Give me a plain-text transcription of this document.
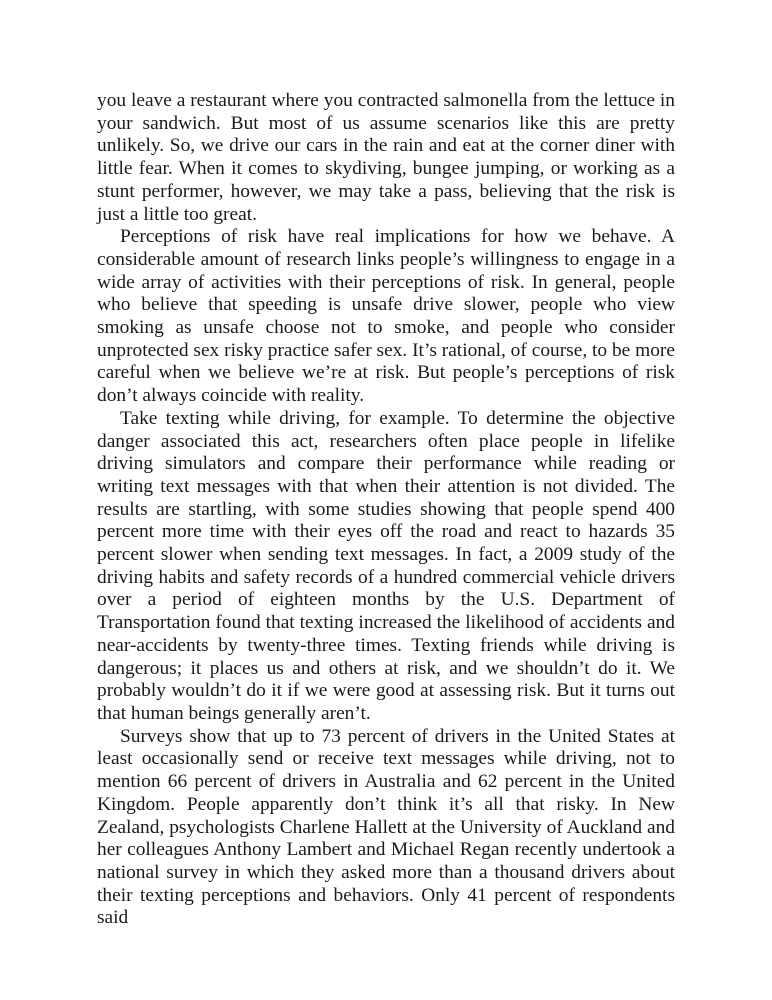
you leave a restaurant where you contracted salmonella from the lettuce in your sandwich. But most of us assume scenarios like this are pretty unlikely. So, we drive our cars in the rain and eat at the corner diner with little fear. When it comes to skydiving, bungee jumping, or working as a stunt performer, however, we may take a pass, believing that the risk is just a little too great.

Perceptions of risk have real implications for how we behave. A considerable amount of research links people’s willingness to engage in a wide array of activities with their perceptions of risk. In general, people who believe that speeding is unsafe drive slower, people who view smoking as unsafe choose not to smoke, and people who consider unprotected sex risky practice safer sex. It’s rational, of course, to be more careful when we believe we’re at risk. But people’s perceptions of risk don’t always coincide with reality.

Take texting while driving, for example. To determine the objective danger associated this act, researchers often place people in lifelike driving simulators and compare their performance while reading or writing text messages with that when their attention is not divided. The results are startling, with some studies showing that people spend 400 percent more time with their eyes off the road and react to hazards 35 percent slower when sending text messages. In fact, a 2009 study of the driving habits and safety records of a hundred commercial vehicle drivers over a period of eighteen months by the U.S. Department of Transportation found that texting increased the likelihood of accidents and near-accidents by twenty-three times. Texting friends while driving is dangerous; it places us and others at risk, and we shouldn’t do it. We probably wouldn’t do it if we were good at assessing risk. But it turns out that human beings generally aren’t.

Surveys show that up to 73 percent of drivers in the United States at least occasionally send or receive text messages while driving, not to mention 66 percent of drivers in Australia and 62 percent in the United Kingdom. People apparently don’t think it’s all that risky. In New Zealand, psychologists Charlene Hallett at the University of Auckland and her colleagues Anthony Lambert and Michael Regan recently undertook a national survey in which they asked more than a thousand drivers about their texting perceptions and behaviors. Only 41 percent of respondents said
